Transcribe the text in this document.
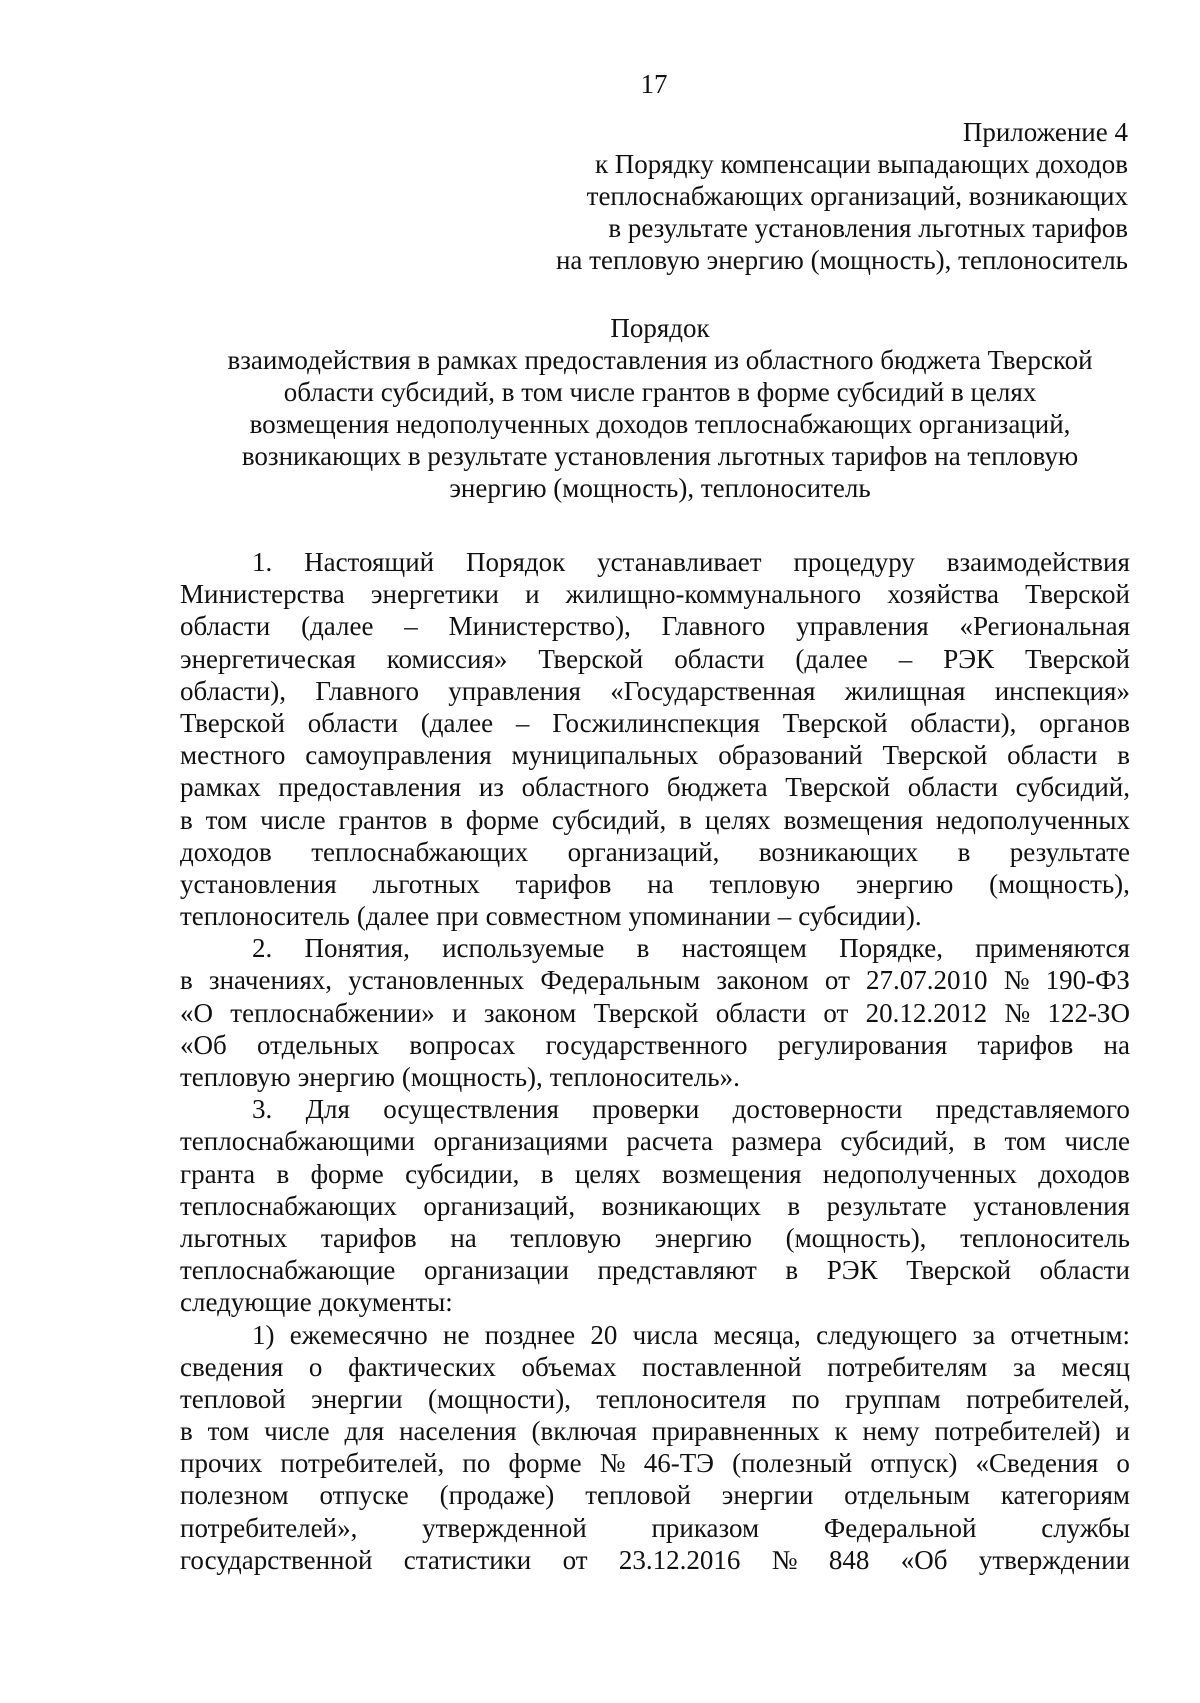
17
Приложение 4
к Порядку компенсации выпадающих доходов
теплоснабжающих организаций, возникающих
в результате установления льготных тарифов
на тепловую энергию (мощность), теплоноситель
Порядок
взаимодействия в рамках предоставления из областного бюджета Тверской
области субсидий, в том числе грантов в форме субсидий в целях
возмещения недополученных доходов теплоснабжающих организаций,
возникающих в результате установления льготных тарифов на тепловую
энергию (мощность), теплоноситель
1. Настоящий Порядок устанавливает процедуру взаимодействия
Министерства энергетики и жилищно-коммунального хозяйства Тверской
области (далее – Министерство), Главного управления «Региональная
энергетическая комиссия» Тверской области (далее – РЭК Тверской
области), Главного управления «Государственная жилищная инспекция»
Тверской области (далее – Госжилинспекция Тверской области), органов
местного самоуправления муниципальных образований Тверской области в
рамках предоставления из областного бюджета Тверской области субсидий,
в том числе грантов в форме субсидий, в целях возмещения недополученных
доходов теплоснабжающих организаций, возникающих в результате
установления льготных тарифов на тепловую энергию (мощность),
теплоноситель (далее при совместном упоминании – субсидии).
2. Понятия, используемые в настоящем Порядке, применяются
в значениях, установленных Федеральным законом от 27.07.2010 № 190-ФЗ
«О теплоснабжении» и законом Тверской области от 20.12.2012 № 122-ЗО
«Об отдельных вопросах государственного регулирования тарифов на
тепловую энергию (мощность), теплоноситель».
3. Для осуществления проверки достоверности представляемого
теплоснабжающими организациями расчета размера субсидий, в том числе
гранта в форме субсидии, в целях возмещения недополученных доходов
теплоснабжающих организаций, возникающих в результате установления
льготных тарифов на тепловую энергию (мощность), теплоноситель
теплоснабжающие организации представляют в РЭК Тверской области
следующие документы:
1) ежемесячно не позднее 20 числа месяца, следующего за отчетным:
сведения о фактических объемах поставленной потребителям за месяц
тепловой энергии (мощности), теплоносителя по группам потребителей,
в том числе для населения (включая приравненных к нему потребителей) и
прочих потребителей, по форме № 46-ТЭ (полезный отпуск) «Сведения о
полезном отпуске (продаже) тепловой энергии отдельным категориям
потребителей», утвержденной приказом Федеральной службы
государственной статистики от 23.12.2016 № 848 «Об утверждении
